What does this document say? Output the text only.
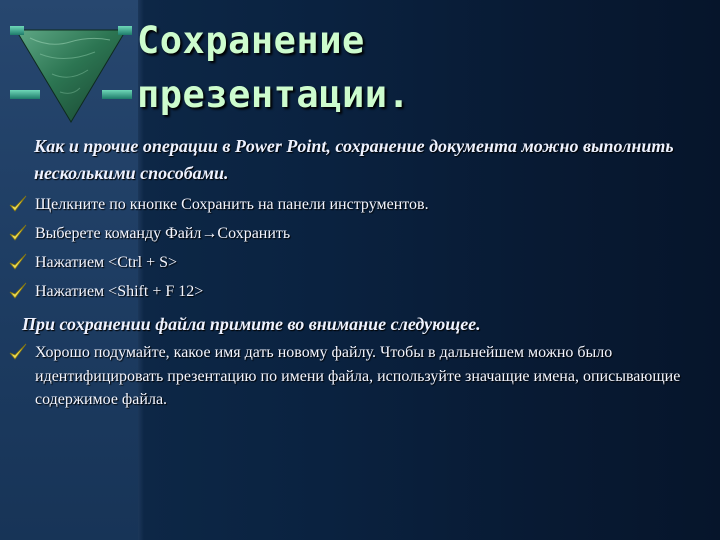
Сохранение
презентации.

Как и прочие операции в Power Point, сохранение документа можно выполнить несколькими способами.

Щелкните по кнопке Сохранить на панели инструментов.
Выберете команду Файл→Сохранить
Нажатием <Ctrl + S>
Нажатием <Shift + F 12>

При сохранении файла примите во внимание следующее.

Хорошо подумайте, какое имя дать новому файлу. Чтобы в дальнейшем можно было идентифицировать презентацию по имени файла, используйте значащие имена, описывающие содержимое файла.
